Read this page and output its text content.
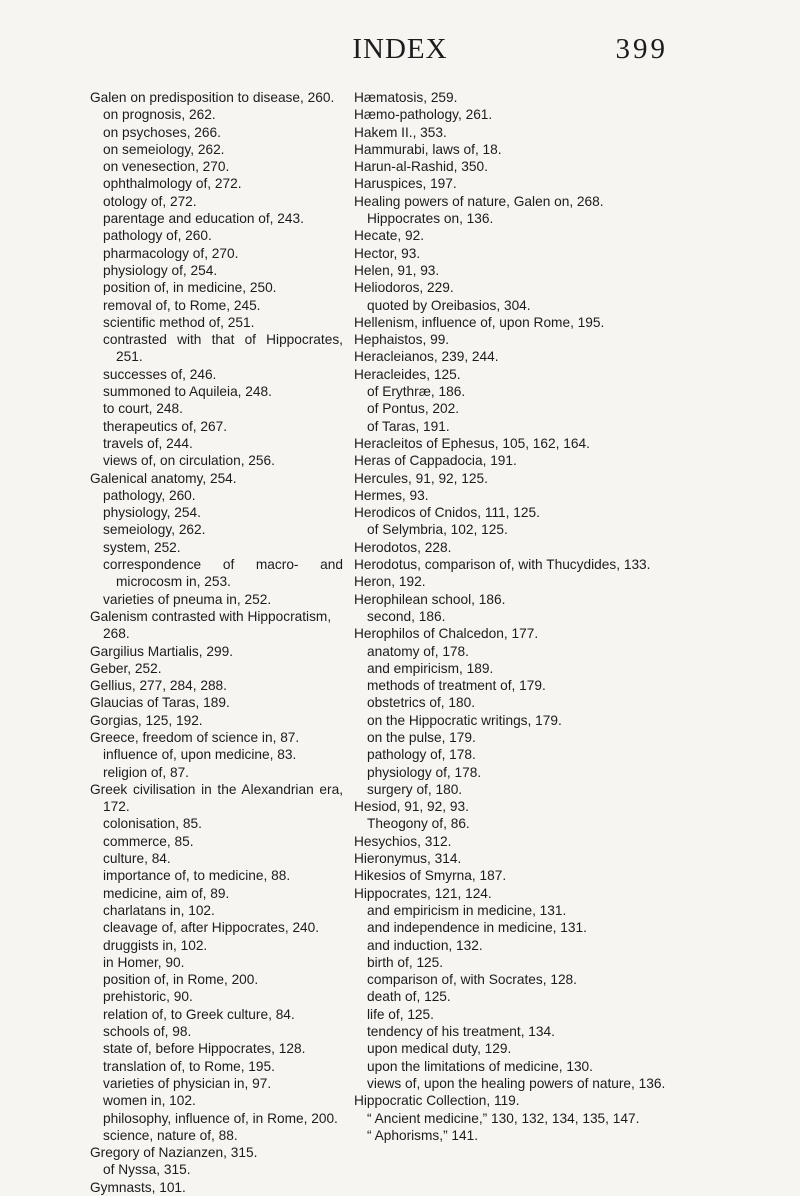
INDEX	399
Galen on predisposition to disease, 260.
on prognosis, 262.
on psychoses, 266.
on semeiology, 262.
on venesection, 270.
ophthalmology of, 272.
otology of, 272.
parentage and education of, 243.
pathology of, 260.
pharmacology of, 270.
physiology of, 254.
position of, in medicine, 250.
removal of, to Rome, 245.
scientific method of, 251.
contrasted with that of Hippocrates, 251.
successes of, 246.
summoned to Aquileia, 248.
to court, 248.
therapeutics of, 267.
travels of, 244.
views of, on circulation, 256.
Galenical anatomy, 254.
pathology, 260.
physiology, 254.
semeiology, 262.
system, 252.
correspondence of macro- and microcosm in, 253.
varieties of pneuma in, 252.
Galenism contrasted with Hippocratism, 268.
Gargilius Martialis, 299.
Geber, 252.
Gellius, 277, 284, 288.
Glaucias of Taras, 189.
Gorgias, 125, 192.
Greece, freedom of science in, 87.
influence of, upon medicine, 83.
religion of, 87.
Greek civilisation in the Alexandrian era, 172.
colonisation, 85.
commerce, 85.
culture, 84.
importance of, to medicine, 88.
medicine, aim of, 89.
charlatans in, 102.
cleavage of, after Hippocrates, 240.
druggists in, 102.
in Homer, 90.
position of, in Rome, 200.
prehistoric, 90.
relation of, to Greek culture, 84.
schools of, 98.
state of, before Hippocrates, 128.
translation of, to Rome, 195.
varieties of physician in, 97.
women in, 102.
philosophy, influence of, in Rome, 200.
science, nature of, 88.
Gregory of Nazianzen, 315.
of Nyssa, 315.
Gymnasts, 101.
Hæmatosis, 259.
Hæmo-pathology, 261.
Hakem II., 353.
Hammurabi, laws of, 18.
Harun-al-Rashid, 350.
Haruspices, 197.
Healing powers of nature, Galen on, 268.
Hippocrates on, 136.
Hecate, 92.
Hector, 93.
Helen, 91, 93.
Heliodoros, 229.
quoted by Oreibasios, 304.
Hellenism, influence of, upon Rome, 195.
Hephaistos, 99.
Heracleianos, 239, 244.
Heracleides, 125.
of Erythræ, 186.
of Pontus, 202.
of Taras, 191.
Heracleitos of Ephesus, 105, 162, 164.
Heras of Cappadocia, 191.
Hercules, 91, 92, 125.
Hermes, 93.
Herodicos of Cnidos, 111, 125.
of Selymbria, 102, 125.
Herodotos, 228.
Herodotus, comparison of, with Thucydides, 133.
Heron, 192.
Herophilean school, 186.
second, 186.
Herophilos of Chalcedon, 177.
anatomy of, 178.
and empiricism, 189.
methods of treatment of, 179.
obstetrics of, 180.
on the Hippocratic writings, 179.
on the pulse, 179.
pathology of, 178.
physiology of, 178.
surgery of, 180.
Hesiod, 91, 92, 93.
Theogony of, 86.
Hesychios, 312.
Hieronymus, 314.
Hikesios of Smyrna, 187.
Hippocrates, 121, 124.
and empiricism in medicine, 131.
and independence in medicine, 131.
and induction, 132.
birth of, 125.
comparison of, with Socrates, 128.
death of, 125.
life of, 125.
tendency of his treatment, 134.
upon medical duty, 129.
upon the limitations of medicine, 130.
views of, upon the healing powers of nature, 136.
Hippocratic Collection, 119.
“ Ancient medicine,” 130, 132, 134, 135, 147.
“ Aphorisms,” 141.
